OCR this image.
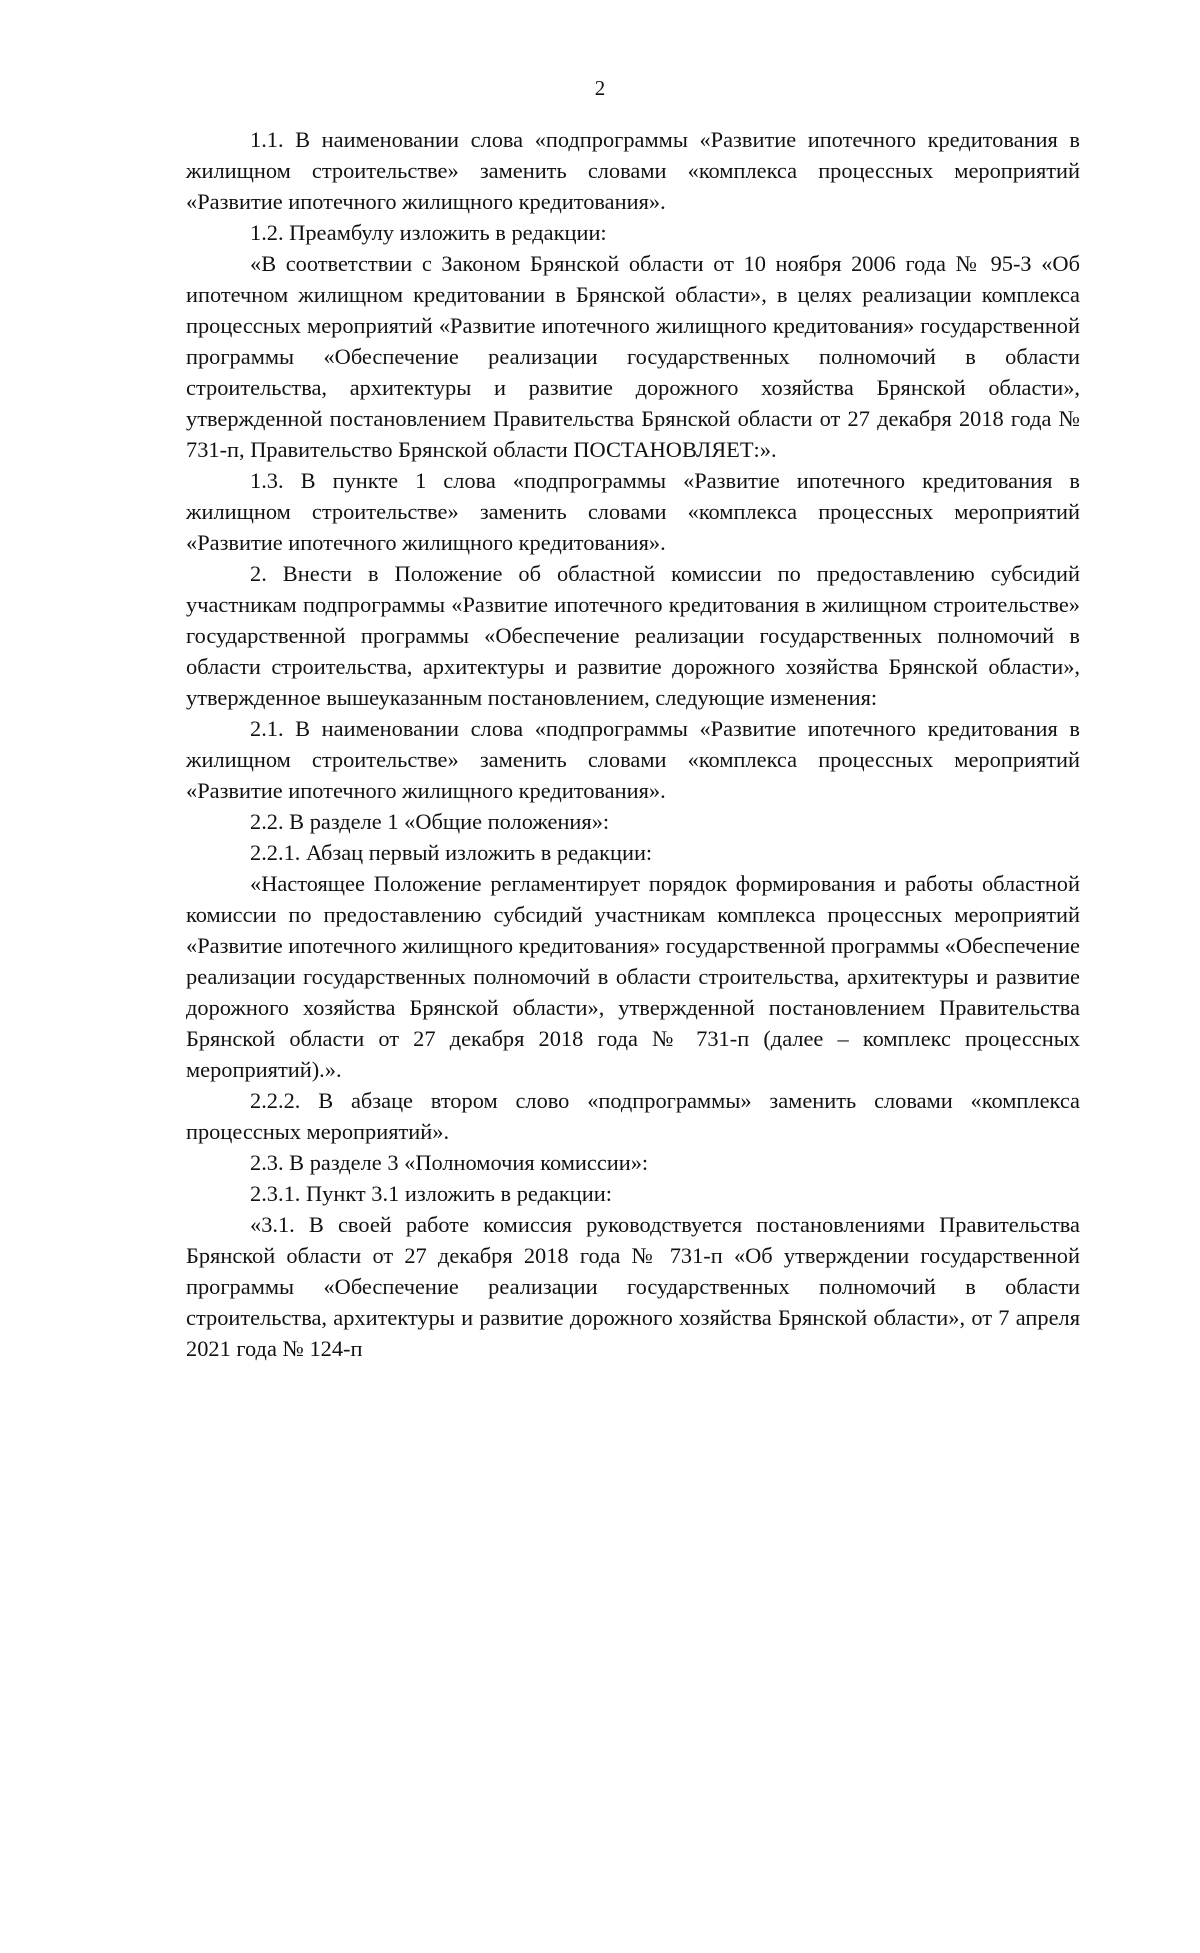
2

1.1. В наименовании слова «подпрограммы «Развитие ипотечного кредитования в жилищном строительстве» заменить словами «комплекса процессных мероприятий «Развитие ипотечного жилищного кредитования».

1.2. Преамбулу изложить в редакции:

«В соответствии с Законом Брянской области от 10 ноября 2006 года № 95-З «Об ипотечном жилищном кредитовании в Брянской области», в целях реализации комплекса процессных мероприятий «Развитие ипотечного жилищного кредитования» государственной программы «Обеспечение реализации государственных полномочий в области строительства, архитектуры и развитие дорожного хозяйства Брянской области», утвержденной постановлением Правительства Брянской области от 27 декабря 2018 года № 731-п, Правительство Брянской области ПОСТАНОВЛЯЕТ:».

1.3. В пункте 1 слова «подпрограммы «Развитие ипотечного кредитования в жилищном строительстве» заменить словами «комплекса процессных мероприятий «Развитие ипотечного жилищного кредитования».

2. Внести в Положение об областной комиссии по предоставлению субсидий участникам подпрограммы «Развитие ипотечного кредитования в жилищном строительстве» государственной программы «Обеспечение реализации государственных полномочий в области строительства, архитектуры и развитие дорожного хозяйства Брянской области», утвержденное вышеуказанным постановлением, следующие изменения:

2.1. В наименовании слова «подпрограммы «Развитие ипотечного кредитования в жилищном строительстве» заменить словами «комплекса процессных мероприятий «Развитие ипотечного жилищного кредитования».

2.2. В разделе 1 «Общие положения»:

2.2.1. Абзац первый изложить в редакции:

«Настоящее Положение регламентирует порядок формирования и работы областной комиссии по предоставлению субсидий участникам комплекса процессных мероприятий «Развитие ипотечного жилищного кредитования» государственной программы «Обеспечение реализации государственных полномочий в области строительства, архитектуры и развитие дорожного хозяйства Брянской области», утвержденной постановлением Правительства Брянской области от 27 декабря 2018 года № 731-п (далее – комплекс процессных мероприятий).».

2.2.2. В абзаце втором слово «подпрограммы» заменить словами «комплекса процессных мероприятий».

2.3. В разделе 3 «Полномочия комиссии»:

2.3.1. Пункт 3.1 изложить в редакции:

«3.1. В своей работе комиссия руководствуется постановлениями Правительства Брянской области от 27 декабря 2018 года № 731-п «Об утверждении государственной программы «Обеспечение реализации государственных полномочий в области строительства, архитектуры и развитие дорожного хозяйства Брянской области», от 7 апреля 2021 года № 124-п
